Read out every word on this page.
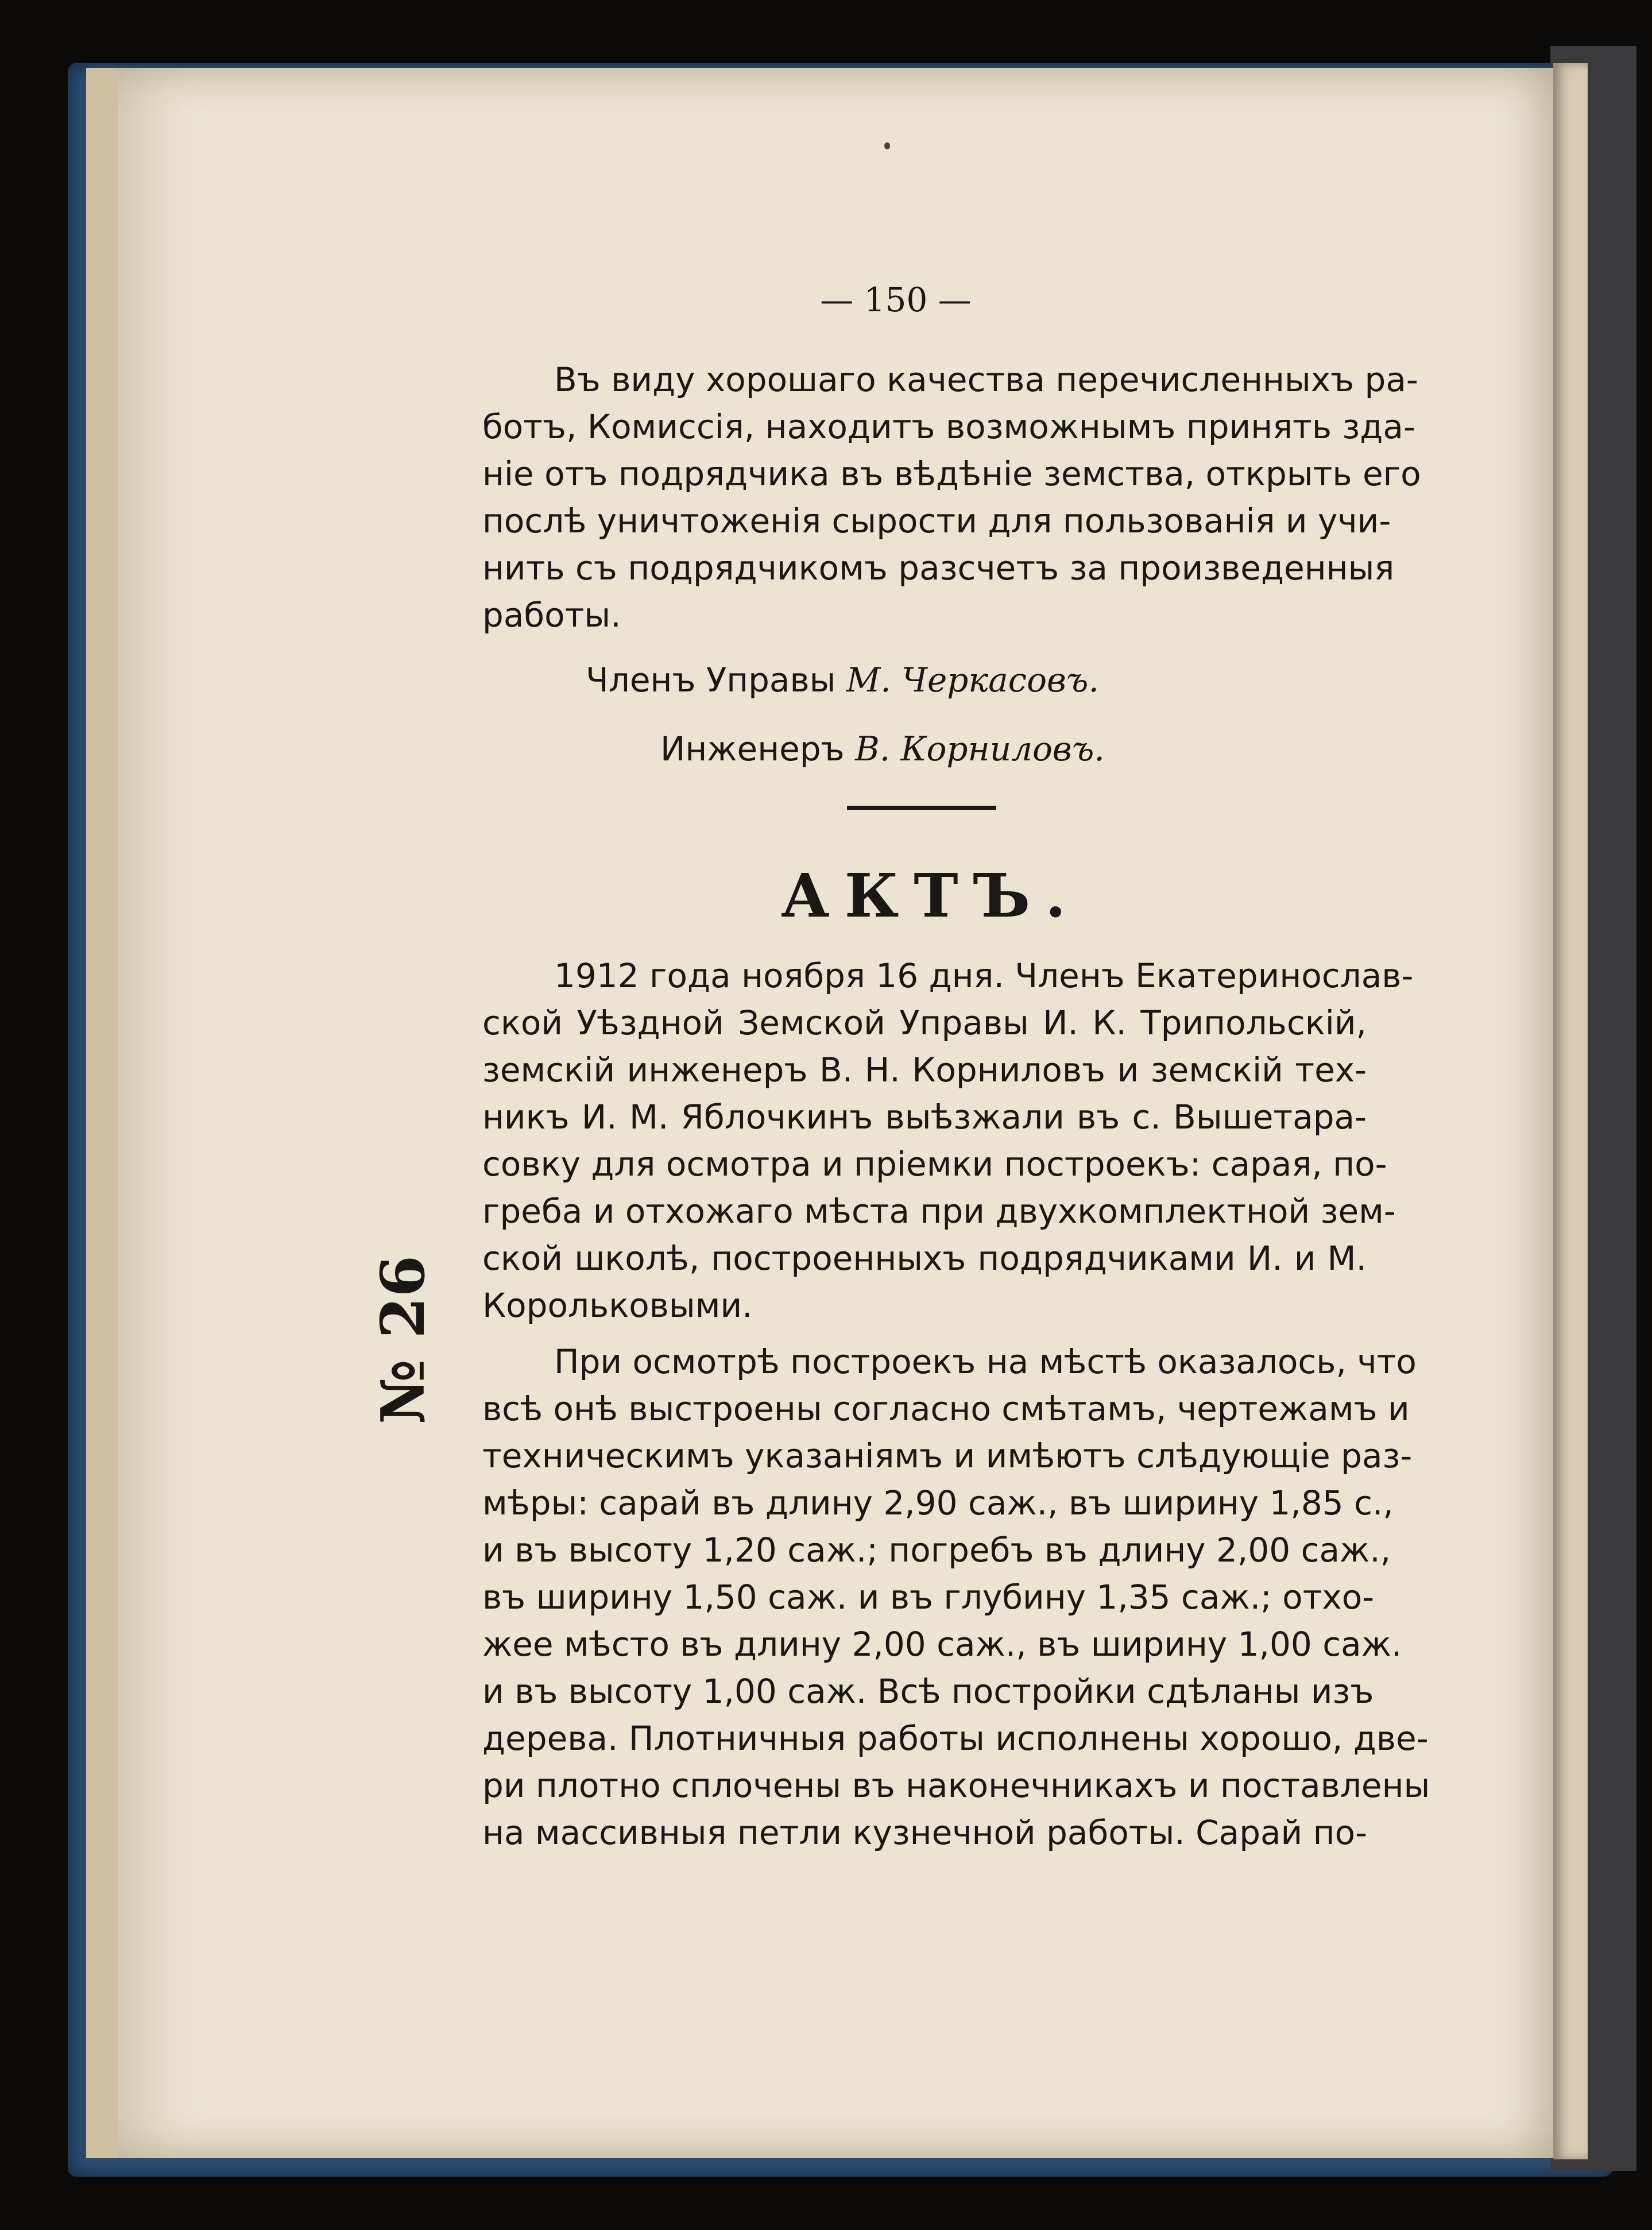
— 150 —
Въ виду хорошаго качества перечисленныхъ ра-
ботъ, Комиссія, находитъ возможнымъ принять зда-
ніе отъ подрядчика въ вѣдѣніе земства, открыть его
послѣ уничтоженія сырости для пользованія и учи-
нить съ подрядчикомъ разсчетъ за произведенныя
работы.
Членъ Управы М. Черкасовъ.
Инженеръ В. Корниловъ.
АКТЪ.
1912 года ноября 16 дня. Членъ Екатеринослав-
ской Уѣздной Земской Управы И. К. Трипольскій,
земскій инженеръ В. Н. Корниловъ и земскій тех-
никъ И. М. Яблочкинъ выѣзжали въ с. Вышетара-
совку для осмотра и пріемки построекъ: сарая, по-
греба и отхожаго мѣста при двухкомплектной зем-
ской школѣ, построенныхъ подрядчиками И. и М.
Корольковыми.
При осмотрѣ построекъ на мѣстѣ оказалось, что
всѣ онѣ выстроены согласно смѣтамъ, чертежамъ и
техническимъ указаніямъ и имѣютъ слѣдующіе раз-
мѣры: сарай въ длину 2,90 саж., въ ширину 1,85 с.,
и въ высоту 1,20 саж.; погребъ въ длину 2,00 саж.,
въ ширину 1,50 саж. и въ глубину 1,35 саж.; отхо-
жее мѣсто въ длину 2,00 саж., въ ширину 1,00 саж.
и въ высоту 1,00 саж. Всѣ постройки сдѣланы изъ
дерева. Плотничныя работы исполнены хорошо, две-
ри плотно сплочены въ наконечникахъ и поставлены
на массивныя петли кузнечной работы. Сарай по-
№ 26
